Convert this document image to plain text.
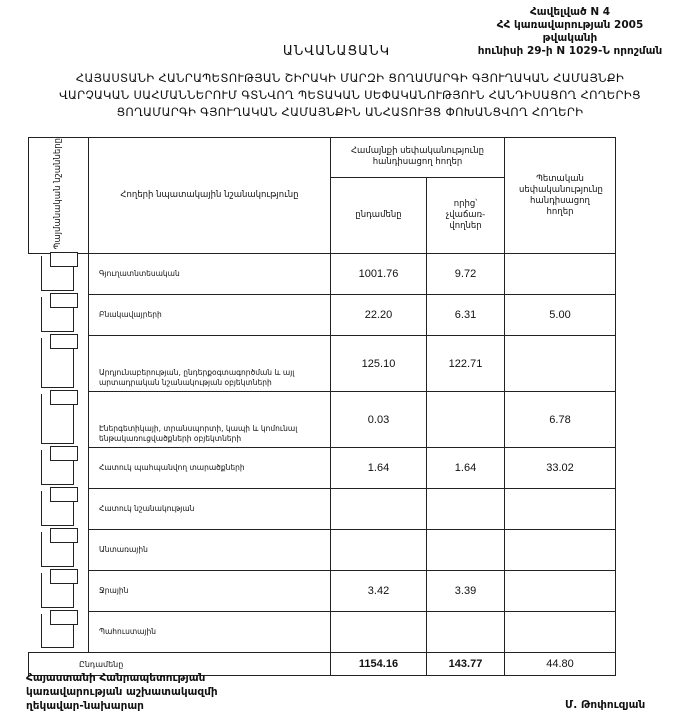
Հավելված N 4
ՀՀ կառավարության 2005 թվականի
հունիսի 29-ի N 1029-Ն որոշման
ԱՆՎԱՆԱՑԱՆԿ
ՀԱՅԱՍՏԱՆԻ ՀԱՆՐԱՊԵՏՈՒԹՅԱՆ ՇԻՐԱԿԻ ՄԱՐԶԻ ՑՈՂԱՄԱՐԳԻ ԳՅՈՒՂԱԿԱՆ ՀԱՄԱՅՆՔԻ
ՎԱՐՉԱԿԱՆ ՍԱՀՄԱՆՆԵՐՈՒՄ ԳՏՆՎՈՂ ՊԵՏԱԿԱՆ ՍԵՓԱԿԱՆՈՒԹՅՈՒՆ ՀԱՆԴԻՍԱՑՈՂ ՀՈՂԵՐԻՑ
ՑՈՂԱՄԱՐԳԻ ԳՅՈՒՂԱԿԱՆ ՀԱՄԱՅՆՔԻՆ ԱՆՀԱՏՈՒՅՑ ՓՈԽԱՆՑՎՈՂ ՀՈՂԵՐԻ
Պայմանական նշանները	Հողերի նպատակային նշանակությունը	Համայնքի սեփականությունը հանդիսացող հողեր		Պետական սեփականությունը հանդիսացող հողեր
		ընդամենը	որից՝ չվաճառ-վողներ	

	Գյուղատնտեսական	1001.76	9.72	

	Բնակավայրերի	22.20	6.31	5.00

	Արդյունաբերության, ընդերքօգտագործման և այլ արտադրական նշանակության օբյեկտների	125.10	122.71	

	Էներգետիկայի, տրանսպորտի, կապի և կոմունալ ենթակառուցվածքների օբյեկտների	0.03		6.78

	Հատուկ պահպանվող տարածքների	1.64	1.64	33.02

	Հատուկ նշանակության			

	Անտառային			

	Ջրային	3.42	3.39	

	Պահուստային			
Ընդամենը		1154.16	143.77	44.80
Հայաստանի Հանրապետության
կառավարության աշխատակազմի
ղեկավար-նախարար	Մ. Թոփուզյան
